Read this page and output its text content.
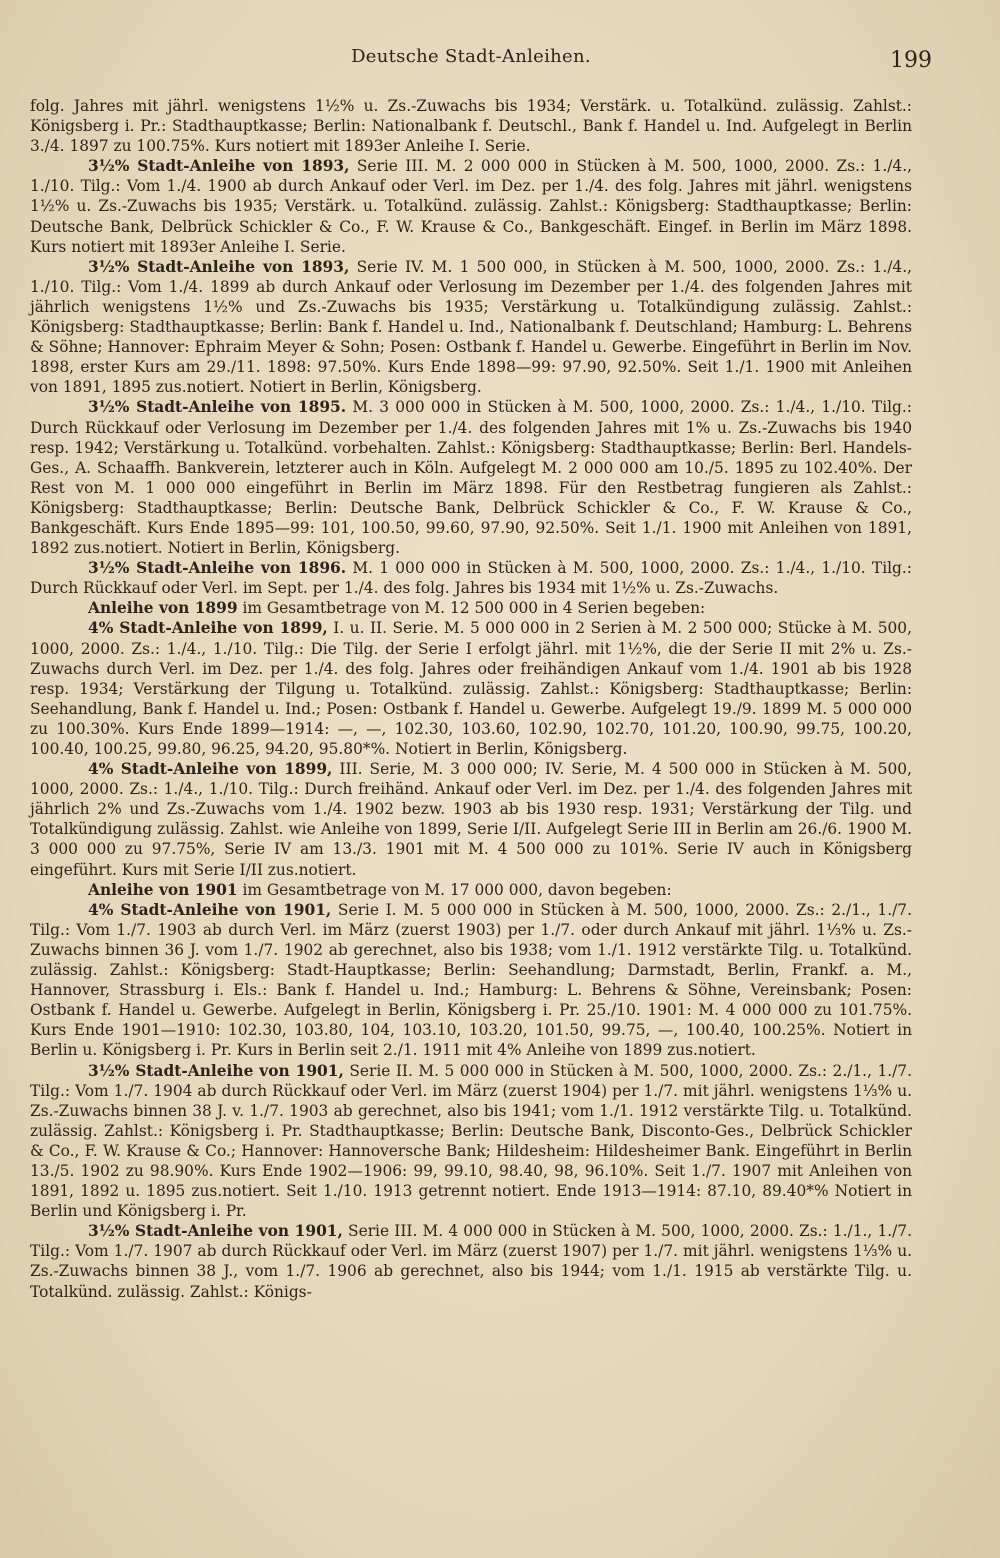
Deutsche Stadt-Anleihen.	199

folg. Jahres mit jährl. wenigstens 1½% u. Zs.-Zuwachs bis 1934; Verstärk. u. Totalkünd. zulässig. Zahlst.: Königsberg i. Pr.: Stadthauptkasse; Berlin: Nationalbank f. Deutschl., Bank f. Handel u. Ind. Aufgelegt in Berlin 3./4. 1897 zu 100.75%. Kurs notiert mit 1893er Anleihe I. Serie.

3½% Stadt-Anleihe von 1893, Serie III. M. 2 000 000 in Stücken à M. 500, 1000, 2000. Zs.: 1./4., 1./10. Tilg.: Vom 1./4. 1900 ab durch Ankauf oder Verl. im Dez. per 1./4. des folg. Jahres mit jährl. wenigstens 1½% u. Zs.-Zuwachs bis 1935; Verstärk. u. Totalkünd. zulässig. Zahlst.: Königsberg: Stadthauptkasse; Berlin: Deutsche Bank, Delbrück Schickler & Co., F. W. Krause & Co., Bankgeschäft. Eingef. in Berlin im März 1898. Kurs notiert mit 1893er Anleihe I. Serie.

3½% Stadt-Anleihe von 1893, Serie IV. M. 1 500 000, in Stücken à M. 500, 1000, 2000. Zs.: 1./4., 1./10. Tilg.: Vom 1./4. 1899 ab durch Ankauf oder Verlosung im Dezember per 1./4. des folgenden Jahres mit jährlich wenigstens 1½% und Zs.-Zuwachs bis 1935; Verstärkung u. Totalkündigung zulässig. Zahlst.: Königsberg: Stadthauptkasse; Berlin: Bank f. Handel u. Ind., Nationalbank f. Deutschland; Hamburg: L. Behrens & Söhne; Hannover: Ephraim Meyer & Sohn; Posen: Ostbank f. Handel u. Gewerbe. Eingeführt in Berlin im Nov. 1898, erster Kurs am 29./11. 1898: 97.50%. Kurs Ende 1898—99: 97.90, 92.50%. Seit 1./1. 1900 mit Anleihen von 1891, 1895 zus.notiert. Notiert in Berlin, Königsberg.

3½% Stadt-Anleihe von 1895. M. 3 000 000 in Stücken à M. 500, 1000, 2000. Zs.: 1./4., 1./10. Tilg.: Durch Rückkauf oder Verlosung im Dezember per 1./4. des folgenden Jahres mit 1% u. Zs.-Zuwachs bis 1940 resp. 1942; Verstärkung u. Totalkünd. vorbehalten. Zahlst.: Königsberg: Stadthauptkasse; Berlin: Berl. Handels-Ges., A. Schaaffh. Bankverein, letzterer auch in Köln. Aufgelegt M. 2 000 000 am 10./5. 1895 zu 102.40%. Der Rest von M. 1 000 000 eingeführt in Berlin im März 1898. Für den Restbetrag fungieren als Zahlst.: Königsberg: Stadthauptkasse; Berlin: Deutsche Bank, Delbrück Schickler & Co., F. W. Krause & Co., Bankgeschäft. Kurs Ende 1895—99: 101, 100.50, 99.60, 97.90, 92.50%. Seit 1./1. 1900 mit Anleihen von 1891, 1892 zus.notiert. Notiert in Berlin, Königsberg.

3½% Stadt-Anleihe von 1896. M. 1 000 000 in Stücken à M. 500, 1000, 2000. Zs.: 1./4., 1./10. Tilg.: Durch Rückkauf oder Verl. im Sept. per 1./4. des folg. Jahres bis 1934 mit 1½% u. Zs.-Zuwachs.

Anleihe von 1899 im Gesamtbetrage von M. 12 500 000 in 4 Serien begeben:

4% Stadt-Anleihe von 1899, I. u. II. Serie. M. 5 000 000 in 2 Serien à M. 2 500 000; Stücke à M. 500, 1000, 2000. Zs.: 1./4., 1./10. Tilg.: Die Tilg. der Serie I erfolgt jährl. mit 1½%, die der Serie II mit 2% u. Zs.-Zuwachs durch Verl. im Dez. per 1./4. des folg. Jahres oder freihändigen Ankauf vom 1./4. 1901 ab bis 1928 resp. 1934; Verstärkung der Tilgung u. Totalkünd. zulässig. Zahlst.: Königsberg: Stadthauptkasse; Berlin: Seehandlung, Bank f. Handel u. Ind.; Posen: Ostbank f. Handel u. Gewerbe. Aufgelegt 19./9. 1899 M. 5 000 000 zu 100.30%. Kurs Ende 1899—1914: —, —, 102.30, 103.60, 102.90, 102.70, 101.20, 100.90, 99.75, 100.20, 100.40, 100.25, 99.80, 96.25, 94.20, 95.80*%. Notiert in Berlin, Königsberg.

4% Stadt-Anleihe von 1899, III. Serie, M. 3 000 000; IV. Serie, M. 4 500 000 in Stücken à M. 500, 1000, 2000. Zs.: 1./4., 1./10. Tilg.: Durch freihänd. Ankauf oder Verl. im Dez. per 1./4. des folgenden Jahres mit jährlich 2% und Zs.-Zuwachs vom 1./4. 1902 bezw. 1903 ab bis 1930 resp. 1931; Verstärkung der Tilg. und Totalkündigung zulässig. Zahlst. wie Anleihe von 1899, Serie I/II. Aufgelegt Serie III in Berlin am 26./6. 1900 M. 3 000 000 zu 97.75%, Serie IV am 13./3. 1901 mit M. 4 500 000 zu 101%. Serie IV auch in Königsberg eingeführt. Kurs mit Serie I/II zus.notiert.

Anleihe von 1901 im Gesamtbetrage von M. 17 000 000, davon begeben:

4% Stadt-Anleihe von 1901, Serie I. M. 5 000 000 in Stücken à M. 500, 1000, 2000. Zs.: 2./1., 1./7. Tilg.: Vom 1./7. 1903 ab durch Verl. im März (zuerst 1903) per 1./7. oder durch Ankauf mit jährl. 1⅓% u. Zs.-Zuwachs binnen 36 J. vom 1./7. 1902 ab gerechnet, also bis 1938; vom 1./1. 1912 verstärkte Tilg. u. Totalkünd. zulässig. Zahlst.: Königsberg: Stadt-Hauptkasse; Berlin: Seehandlung; Darmstadt, Berlin, Frankf. a. M., Hannover, Strassburg i. Els.: Bank f. Handel u. Ind.; Hamburg: L. Behrens & Söhne, Vereinsbank; Posen: Ostbank f. Handel u. Gewerbe. Aufgelegt in Berlin, Königsberg i. Pr. 25./10. 1901: M. 4 000 000 zu 101.75%. Kurs Ende 1901—1910: 102.30, 103.80, 104, 103.10, 103.20, 101.50, 99.75, —, 100.40, 100.25%. Notiert in Berlin u. Königsberg i. Pr. Kurs in Berlin seit 2./1. 1911 mit 4% Anleihe von 1899 zus.notiert.

3½% Stadt-Anleihe von 1901, Serie II. M. 5 000 000 in Stücken à M. 500, 1000, 2000. Zs.: 2./1., 1./7. Tilg.: Vom 1./7. 1904 ab durch Rückkauf oder Verl. im März (zuerst 1904) per 1./7. mit jährl. wenigstens 1⅓% u. Zs.-Zuwachs binnen 38 J. v. 1./7. 1903 ab gerechnet, also bis 1941; vom 1./1. 1912 verstärkte Tilg. u. Totalkünd. zulässig. Zahlst.: Königsberg i. Pr. Stadthauptkasse; Berlin: Deutsche Bank, Disconto-Ges., Delbrück Schickler & Co., F. W. Krause & Co.; Hannover: Hannoversche Bank; Hildesheim: Hildesheimer Bank. Eingeführt in Berlin 13./5. 1902 zu 98.90%. Kurs Ende 1902—1906: 99, 99.10, 98.40, 98, 96.10%. Seit 1./7. 1907 mit Anleihen von 1891, 1892 u. 1895 zus.notiert. Seit 1./10. 1913 getrennt notiert. Ende 1913—1914: 87.10, 89.40*% Notiert in Berlin und Königsberg i. Pr.

3½% Stadt-Anleihe von 1901, Serie III. M. 4 000 000 in Stücken à M. 500, 1000, 2000. Zs.: 1./1., 1./7. Tilg.: Vom 1./7. 1907 ab durch Rückkauf oder Verl. im März (zuerst 1907) per 1./7. mit jährl. wenigstens 1⅓% u. Zs.-Zuwachs binnen 38 J., vom 1./7. 1906 ab gerechnet, also bis 1944; vom 1./1. 1915 ab verstärkte Tilg. u. Totalkünd. zulässig. Zahlst.: Königs-
